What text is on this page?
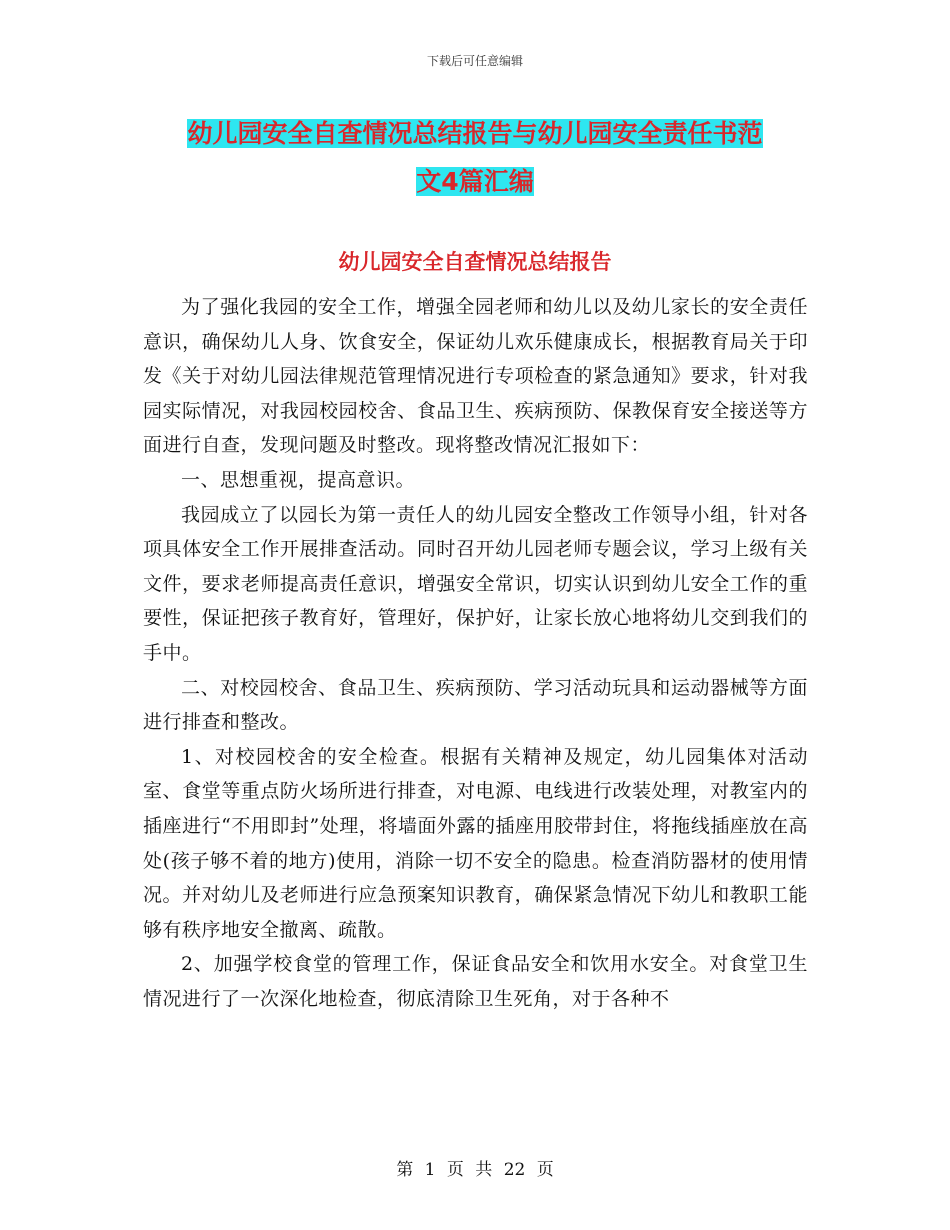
下载后可任意编辑
幼儿园安全自查情况总结报告与幼儿园安全责任书范
文4篇汇编
幼儿园安全自查情况总结报告

为了强化我园的安全工作，增强全园老师和幼儿以及幼儿家长的安全责任意识，确保幼儿人身、饮食安全，保证幼儿欢乐健康成长，根据教育局关于印发《关于对幼儿园法律规范管理情况进行专项检查的紧急通知》要求，针对我园实际情况，对我园校园校舍、食品卫生、疾病预防、保教保育安全接送等方面进行自查，发现问题及时整改。现将整改情况汇报如下：

一、思想重视，提高意识。

我园成立了以园长为第一责任人的幼儿园安全整改工作领导小组，针对各项具体安全工作开展排查活动。同时召开幼儿园老师专题会议，学习上级有关文件，要求老师提高责任意识，增强安全常识，切实认识到幼儿安全工作的重要性，保证把孩子教育好，管理好，保护好，让家长放心地将幼儿交到我们的手中。

二、对校园校舍、食品卫生、疾病预防、学习活动玩具和运动器械等方面进行排查和整改。

1、对校园校舍的安全检查。根据有关精神及规定，幼儿园集体对活动室、食堂等重点防火场所进行排查，对电源、电线进行改装处理，对教室内的插座进行“不用即封”处理，将墙面外露的插座用胶带封住，将拖线插座放在高处(孩子够不着的地方)使用，消除一切不安全的隐患。检查消防器材的使用情况。并对幼儿及老师进行应急预案知识教育，确保紧急情况下幼儿和教职工能够有秩序地安全撤离、疏散。

2、加强学校食堂的管理工作，保证食品安全和饮用水安全。对食堂卫生情况进行了一次深化地检查，彻底清除卫生死角，对于各种不

第 1 页 共 22 页
